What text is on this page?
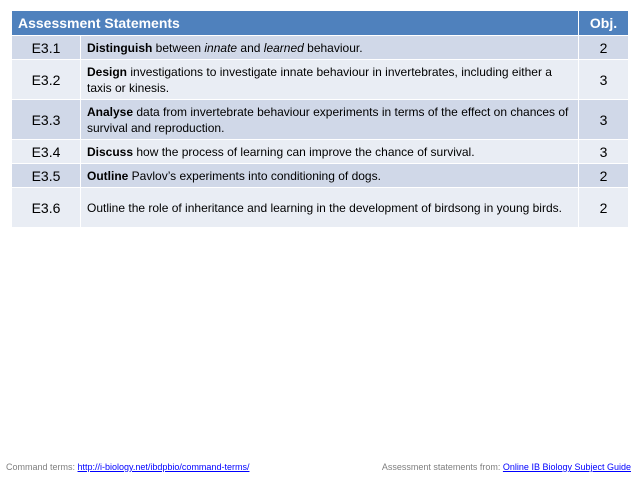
Assessment Statements		Obj.
E3.1	Distinguish between innate and learned behaviour.	2
E3.2	Design investigations to investigate innate behaviour in invertebrates, including either a taxis or kinesis.	3
E3.3	Analyse data from invertebrate behaviour experiments in terms of the effect on chances of survival and reproduction.	3
E3.4	Discuss how the process of learning can improve the chance of survival.	3
E3.5	Outline Pavlov’s experiments into conditioning of dogs.	2
E3.6	Outline the role of inheritance and learning in the development of birdsong in young birds.	2
Command terms: http://i-biology.net/ibdpbio/command-terms/	Assessment statements from: Online IB Biology Subject Guide
